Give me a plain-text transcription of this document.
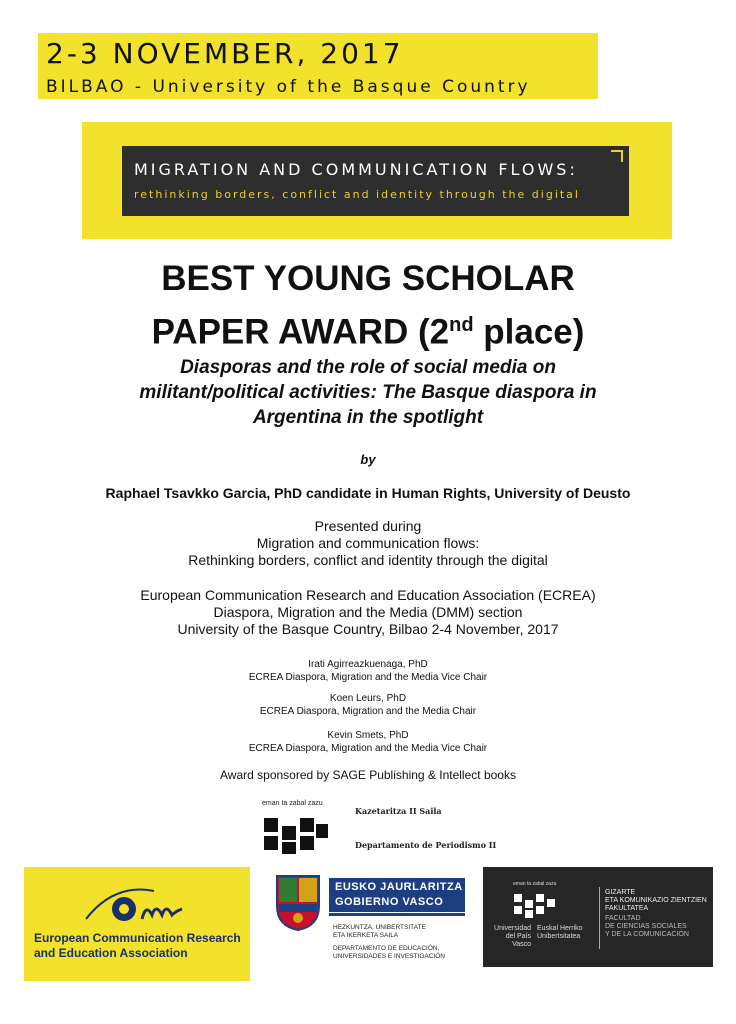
2-3 NOVEMBER, 2017
BILBAO - University of the Basque Country
MIGRATION AND COMMUNICATION FLOWS:
rethinking borders, conflict and identity through the digital
BEST YOUNG SCHOLAR
PAPER AWARD (2nd place)
Diasporas and the role of social media on
militant/political activities: The Basque diaspora in
Argentina in the spotlight
by
Raphael Tsavkko Garcia, PhD candidate in Human Rights, University of Deusto
Presented during
Migration and communication flows:
Rethinking borders, conflict and identity through the digital
European Communication Research and Education Association (ECREA)
Diaspora, Migration and the Media (DMM) section
University of the Basque Country, Bilbao 2-4 November, 2017
Irati Agirreazkuenaga, PhD
ECREA Diaspora, Migration and the Media Vice Chair
Koen Leurs, PhD
ECREA Diaspora, Migration and the Media Chair
Kevin Smets, PhD
ECREA Diaspora, Migration and the Media Vice Chair
Award sponsored by SAGE Publishing & Intellect books
eman ta zabal zazu
Kazetaritza II Saila
Departamento de Periodismo II
European Communication Research
and Education Association
EUSKO JAURLARITZA
GOBIERNO VASCO
HEZKUNTZA, UNIBERTSITATE
ETA IKERKETA SAILA
DEPARTAMENTO DE EDUCACIÓN,
UNIVERSIDADES E INVESTIGACIÓN
eman ta zabal zazu
Universidad
del País Vasco
Euskal Herriko
Unibertsitatea
GIZARTE
ETA KOMUNIKAZIO ZIENTZIEN
FAKULTATEA
FACULTAD
DE CIENCIAS SOCIALES
Y DE LA COMUNICACIÓN
